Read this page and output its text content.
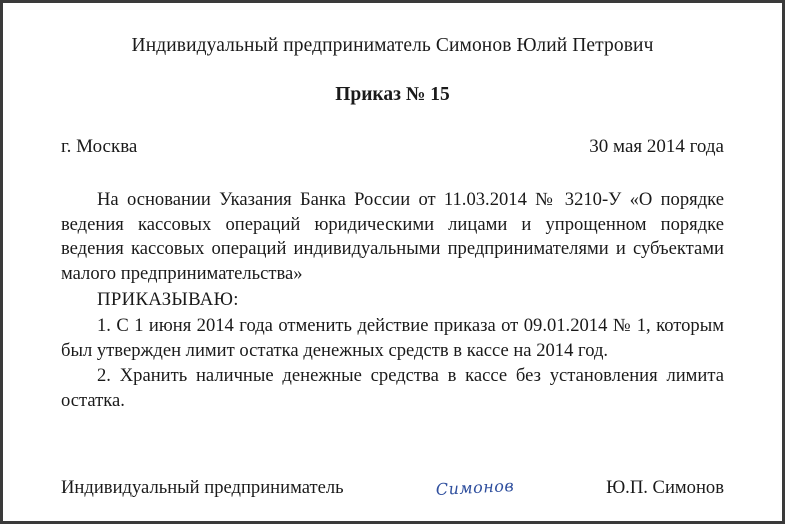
Индивидуальный предприниматель Симонов Юлий Петрович
Приказ № 15
г. Москва	30 мая 2014 года

На основании Указания Банка России от 11.03.2014 № 3210-У «О порядке ведения кассовых операций юридическими лицами и упрощенном порядке ведения кассовых операций индивидуальными предпринимателями и субъектами малого предпринимательства»

ПРИКАЗЫВАЮ:

1. С 1 июня 2014 года отменить действие приказа от 09.01.2014 № 1, которым был утвержден лимит остатка денежных средств в кассе на 2014 год.

2. Хранить наличные денежные средства в кассе без установления лимита остатка.

Индивидуальный предприниматель	Симонов	Ю.П. Симонов
